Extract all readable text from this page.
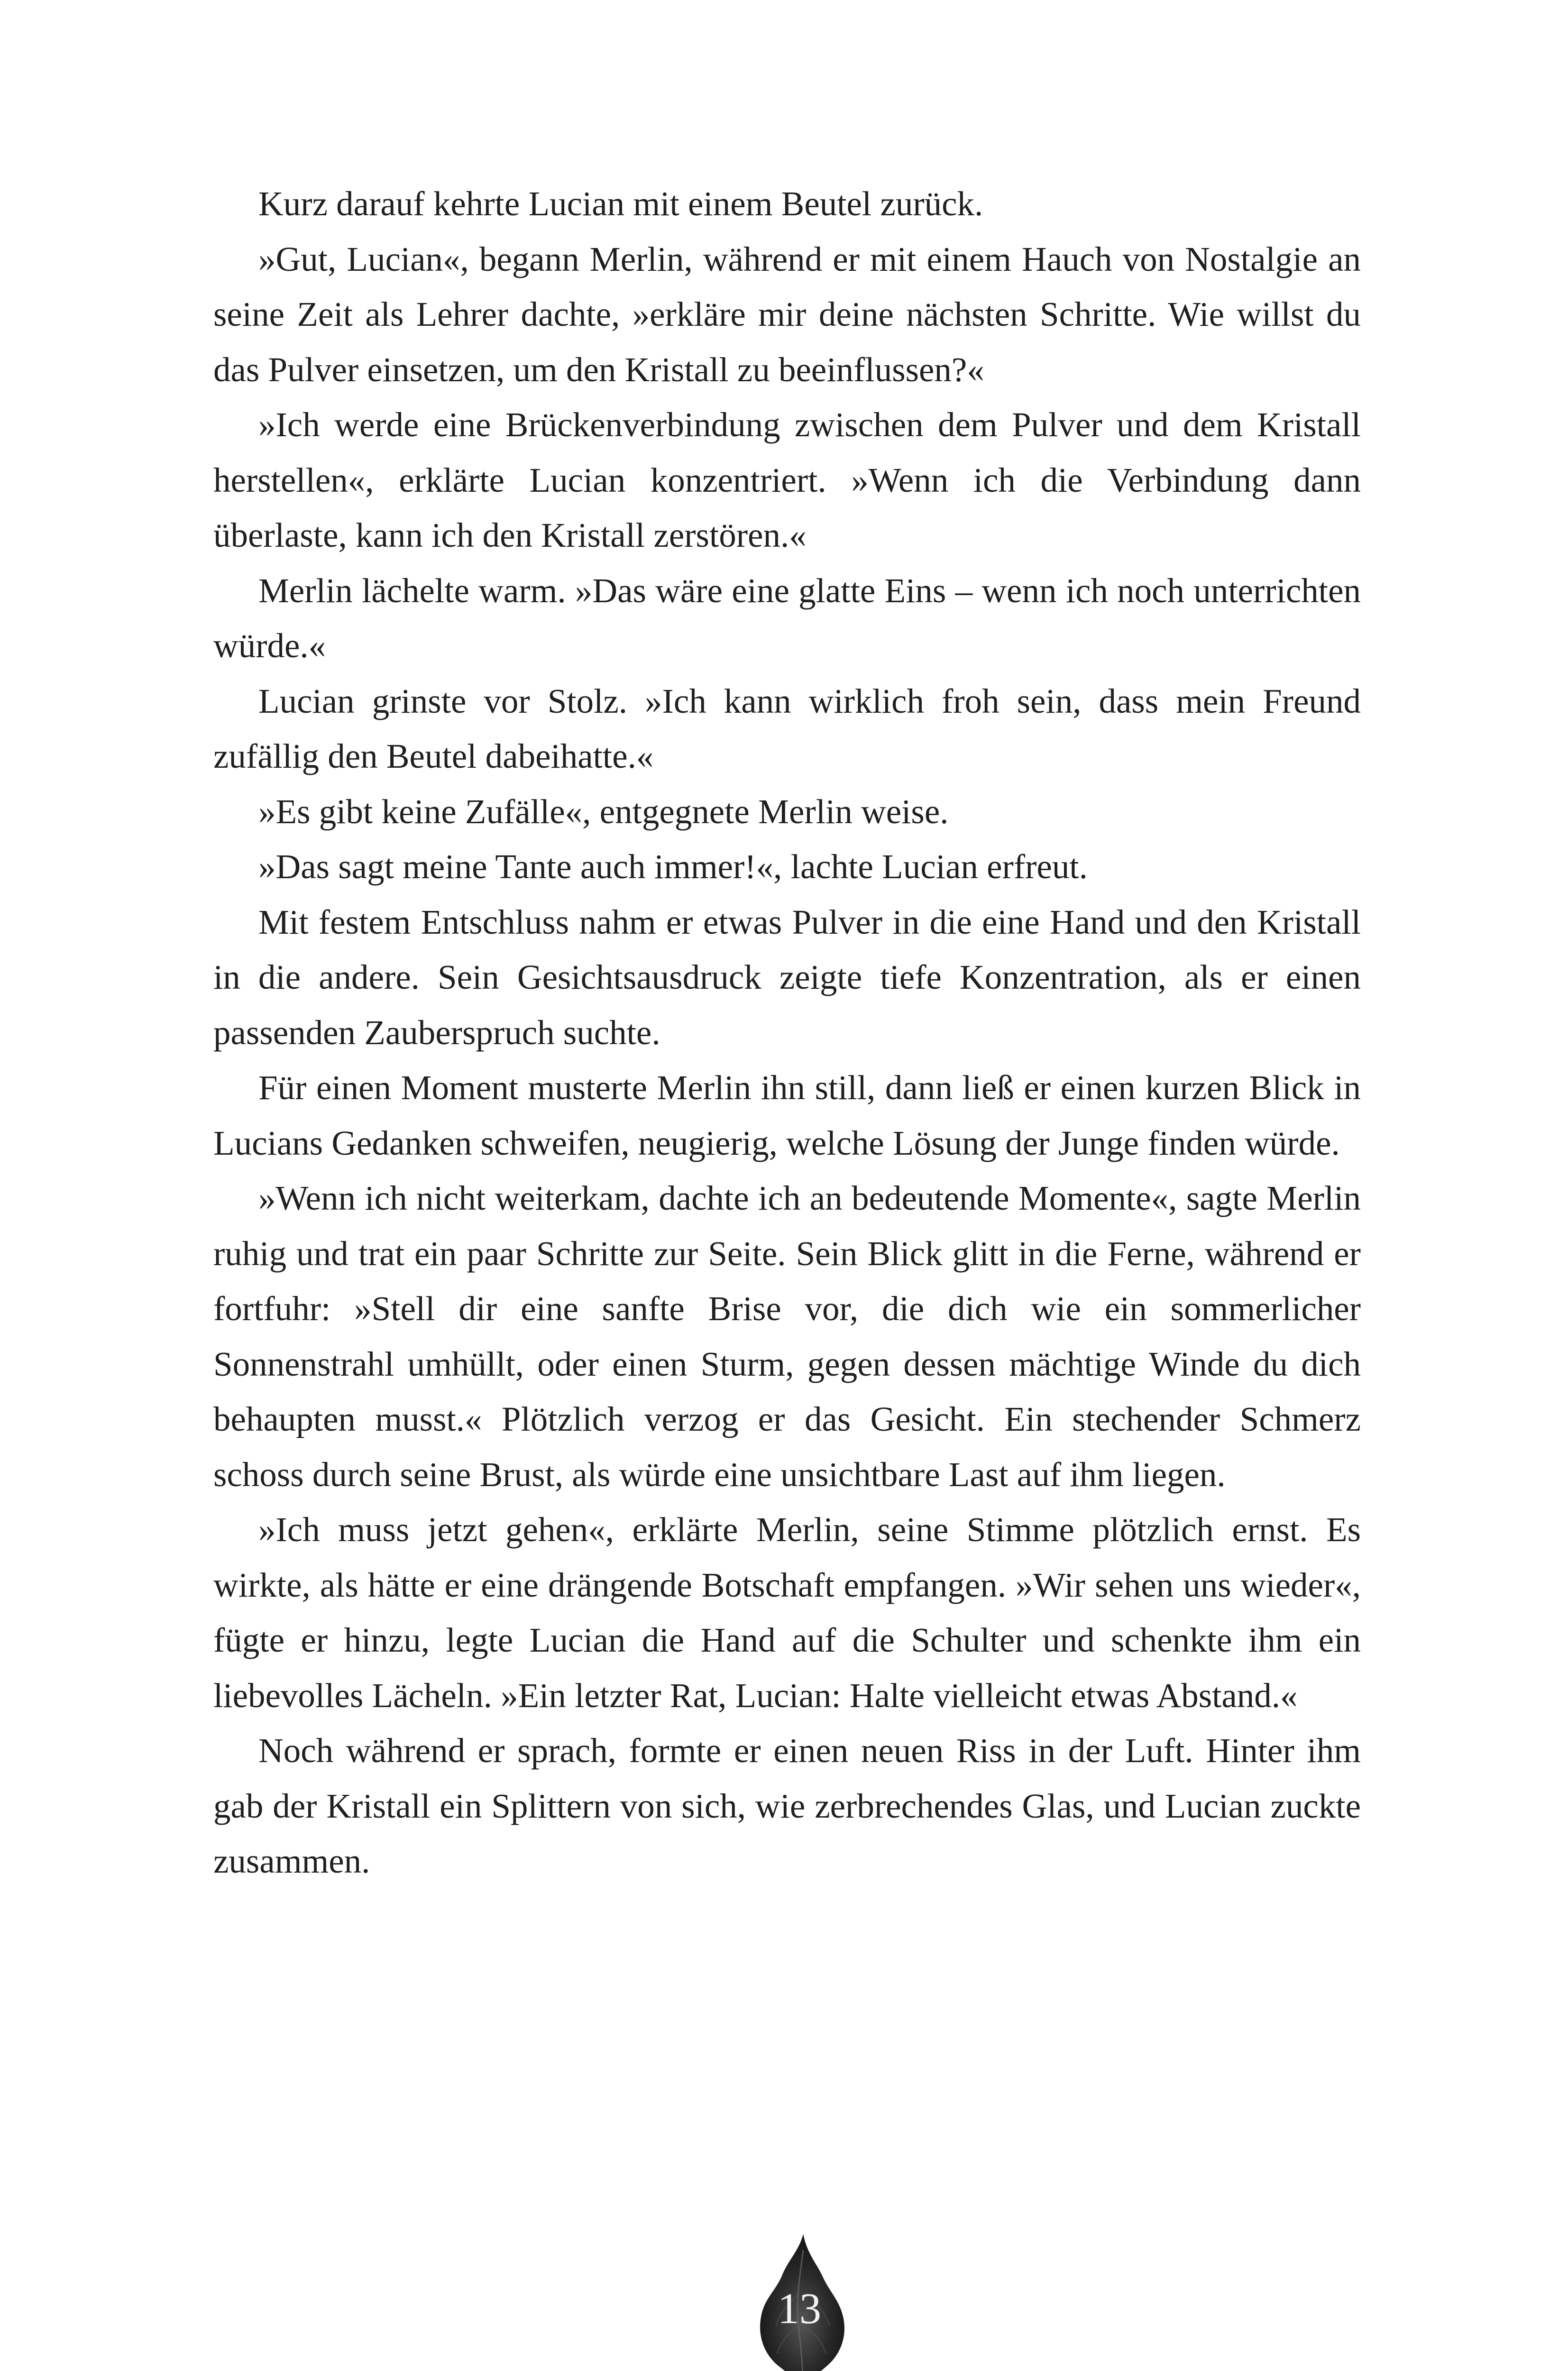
Kurz darauf kehrte Lucian mit einem Beutel zurück.

»Gut, Lucian«, begann Merlin, während er mit einem Hauch von Nostalgie an seine Zeit als Lehrer dachte, »erkläre mir deine nächsten Schritte. Wie willst du das Pulver einsetzen, um den Kristall zu beeinflussen?«

»Ich werde eine Brückenverbindung zwischen dem Pulver und dem Kristall herstellen«, erklärte Lucian konzentriert. »Wenn ich die Verbindung dann überlaste, kann ich den Kristall zerstören.«

Merlin lächelte warm. »Das wäre eine glatte Eins – wenn ich noch unterrichten würde.«

Lucian grinste vor Stolz. »Ich kann wirklich froh sein, dass mein Freund zufällig den Beutel dabeihatte.«

»Es gibt keine Zufälle«, entgegnete Merlin weise.

»Das sagt meine Tante auch immer!«, lachte Lucian erfreut.

Mit festem Entschluss nahm er etwas Pulver in die eine Hand und den Kristall in die andere. Sein Gesichtsausdruck zeigte tiefe Konzentration, als er einen passenden Zauberspruch suchte.

Für einen Moment musterte Merlin ihn still, dann ließ er einen kurzen Blick in Lucians Gedanken schweifen, neugierig, welche Lösung der Junge finden würde.

»Wenn ich nicht weiterkam, dachte ich an bedeutende Momente«, sagte Merlin ruhig und trat ein paar Schritte zur Seite. Sein Blick glitt in die Ferne, während er fortfuhr: »Stell dir eine sanfte Brise vor, die dich wie ein sommerlicher Sonnenstrahl umhüllt, oder einen Sturm, gegen dessen mächtige Winde du dich behaupten musst.« Plötzlich verzog er das Gesicht. Ein stechender Schmerz schoss durch seine Brust, als würde eine unsichtbare Last auf ihm liegen.

»Ich muss jetzt gehen«, erklärte Merlin, seine Stimme plötzlich ernst. Es wirkte, als hätte er eine drängende Botschaft empfangen. »Wir sehen uns wieder«, fügte er hinzu, legte Lucian die Hand auf die Schulter und schenkte ihm ein liebevolles Lächeln. »Ein letzter Rat, Lucian: Halte vielleicht etwas Abstand.«

Noch während er sprach, formte er einen neuen Riss in der Luft. Hinter ihm gab der Kristall ein Splittern von sich, wie zerbrechendes Glas, und Lucian zuckte zusammen.

13
